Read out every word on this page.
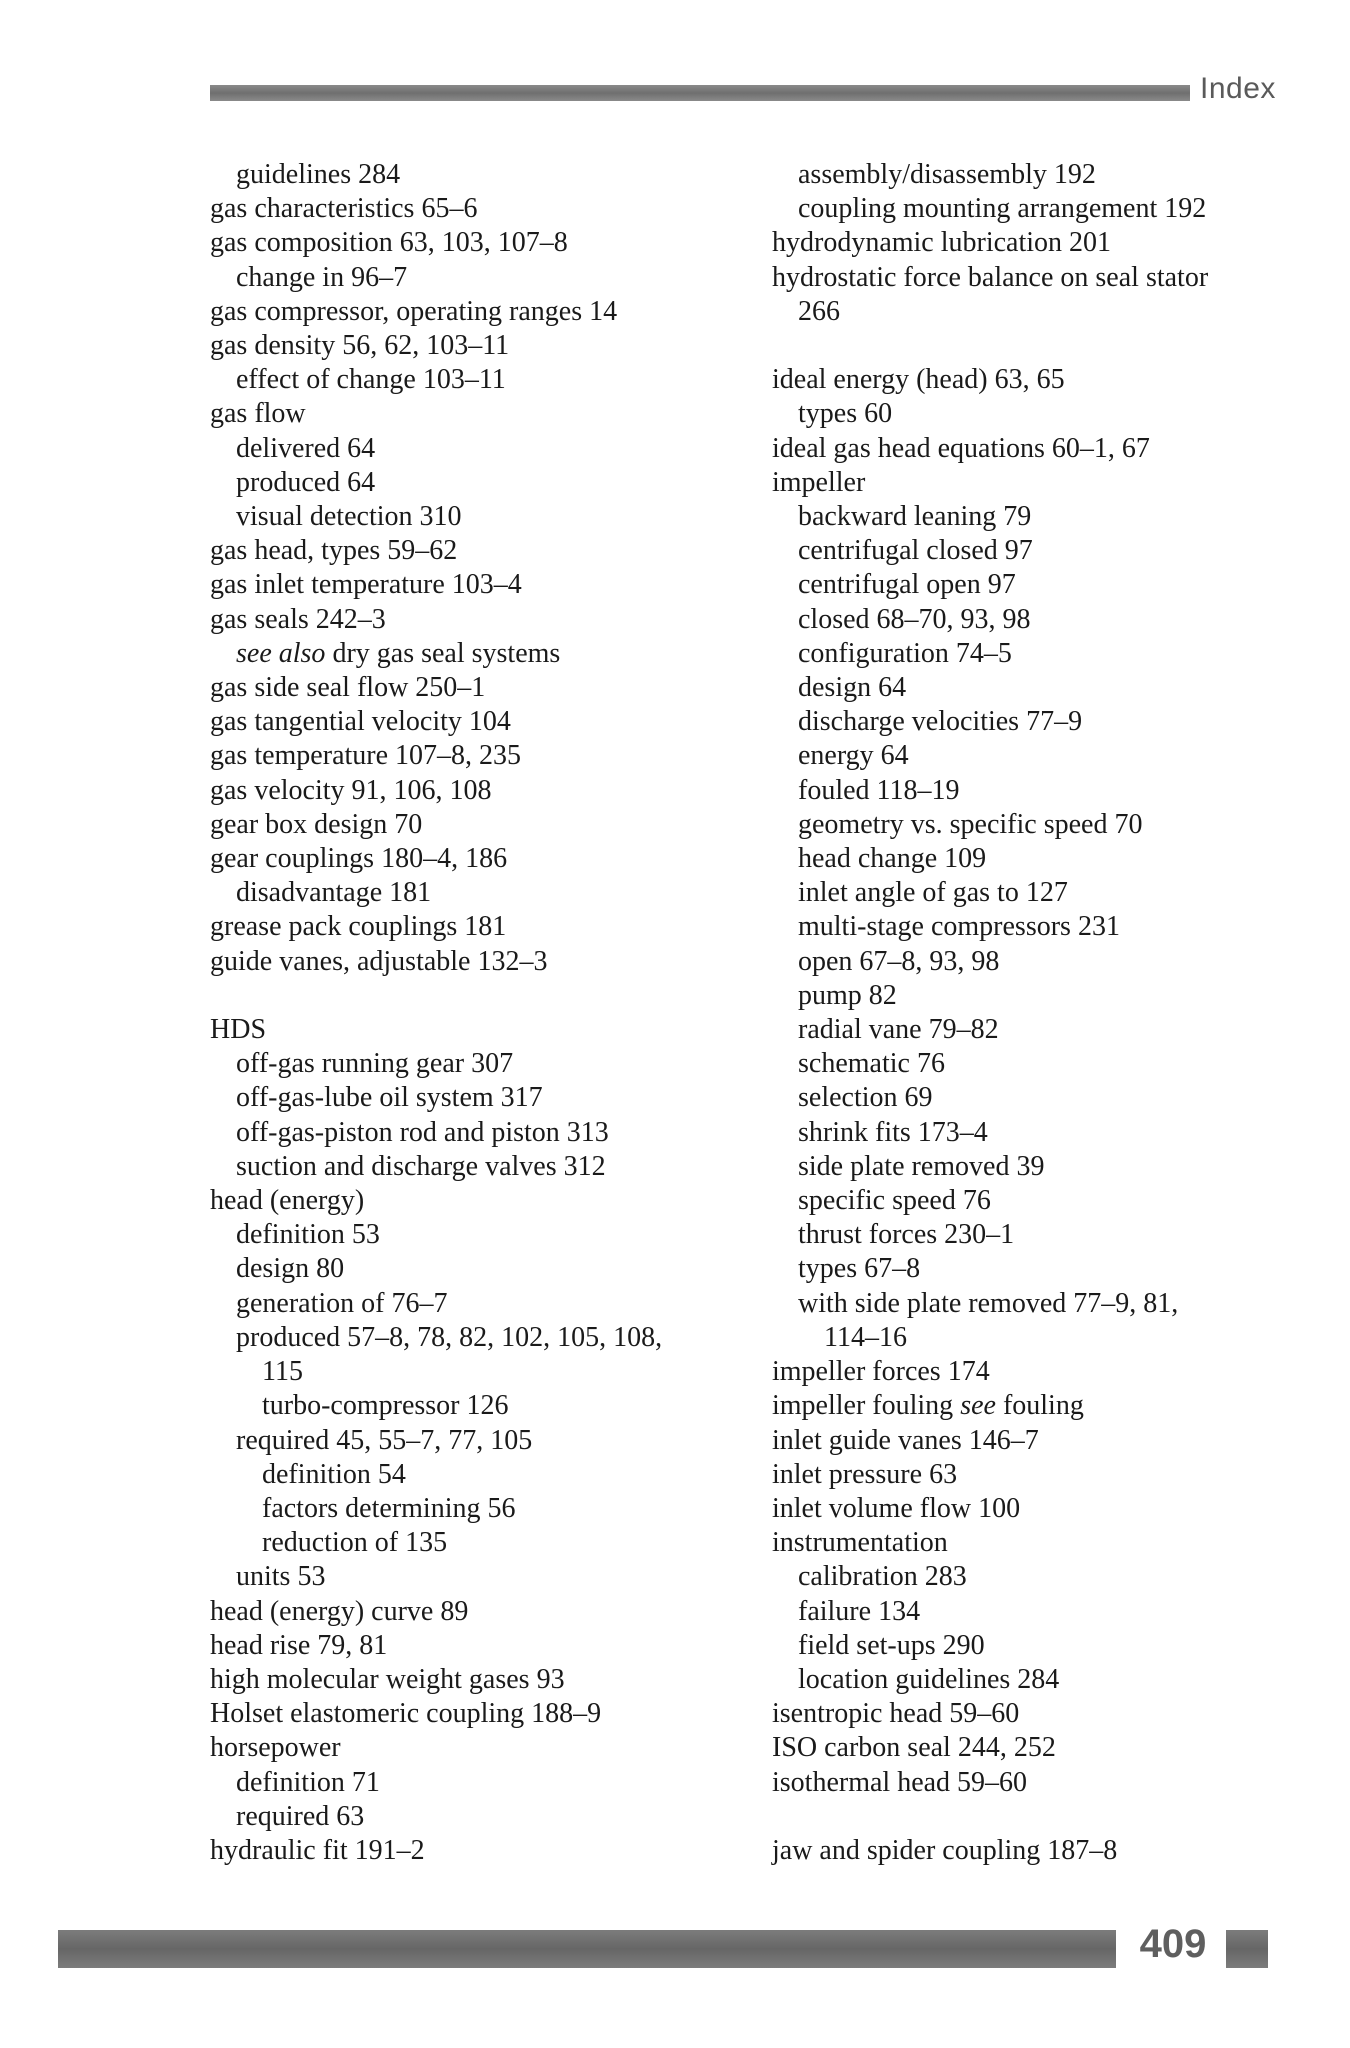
Index
guidelines 284
gas characteristics 65–6
gas composition 63, 103, 107–8
change in 96–7
gas compressor, operating ranges 14
gas density 56, 62, 103–11
effect of change 103–11
gas flow
delivered 64
produced 64
visual detection 310
gas head, types 59–62
gas inlet temperature 103–4
gas seals 242–3
see also dry gas seal systems
gas side seal flow 250–1
gas tangential velocity 104
gas temperature 107–8, 235
gas velocity 91, 106, 108
gear box design 70
gear couplings 180–4, 186
disadvantage 181
grease pack couplings 181
guide vanes, adjustable 132–3
HDS
off-gas running gear 307
off-gas-lube oil system 317
off-gas-piston rod and piston 313
suction and discharge valves 312
head (energy)
definition 53
design 80
generation of 76–7
produced 57–8, 78, 82, 102, 105, 108,
115
turbo-compressor 126
required 45, 55–7, 77, 105
definition 54
factors determining 56
reduction of 135
units 53
head (energy) curve 89
head rise 79, 81
high molecular weight gases 93
Holset elastomeric coupling 188–9
horsepower
definition 71
required 63
hydraulic fit 191–2
assembly/disassembly 192
coupling mounting arrangement 192
hydrodynamic lubrication 201
hydrostatic force balance on seal stator
266
ideal energy (head) 63, 65
types 60
ideal gas head equations 60–1, 67
impeller
backward leaning 79
centrifugal closed 97
centrifugal open 97
closed 68–70, 93, 98
configuration 74–5
design 64
discharge velocities 77–9
energy 64
fouled 118–19
geometry vs. specific speed 70
head change 109
inlet angle of gas to 127
multi-stage compressors 231
open 67–8, 93, 98
pump 82
radial vane 79–82
schematic 76
selection 69
shrink fits 173–4
side plate removed 39
specific speed 76
thrust forces 230–1
types 67–8
with side plate removed 77–9, 81,
114–16
impeller forces 174
impeller fouling see fouling
inlet guide vanes 146–7
inlet pressure 63
inlet volume flow 100
instrumentation
calibration 283
failure 134
field set-ups 290
location guidelines 284
isentropic head 59–60
ISO carbon seal 244, 252
isothermal head 59–60
jaw and spider coupling 187–8
409
